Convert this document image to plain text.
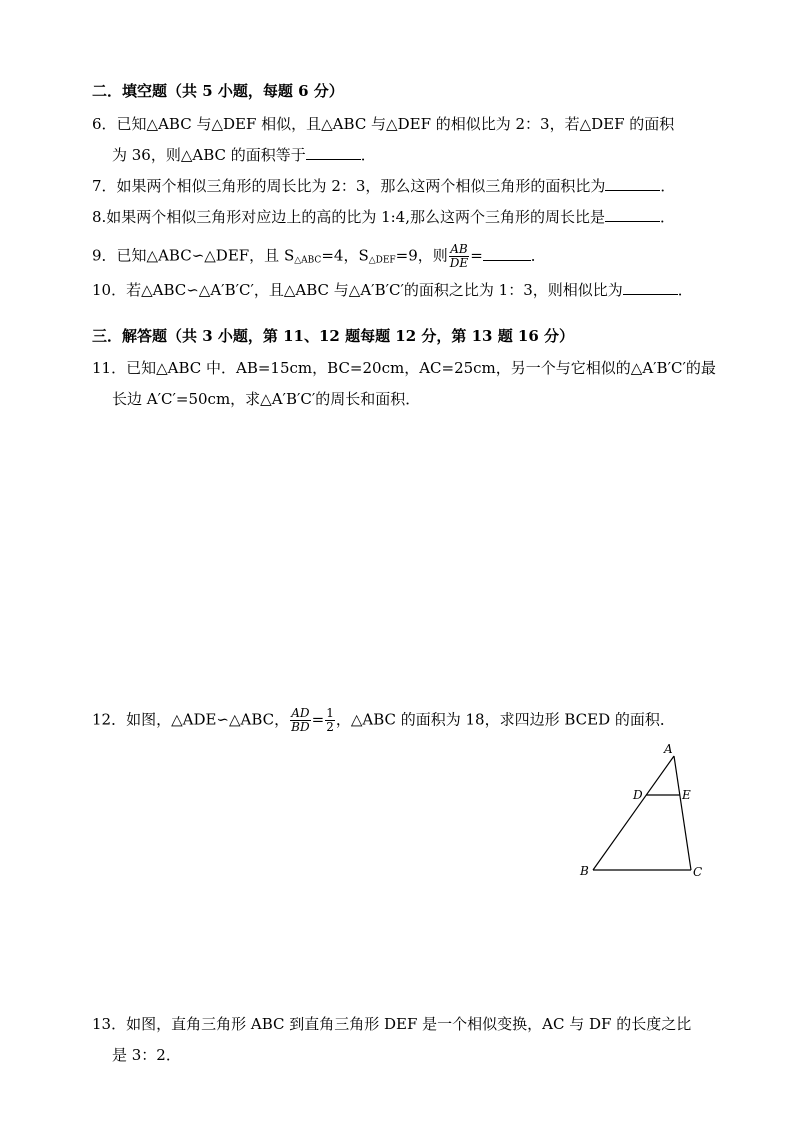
二．填空题（共 5 小题，每题 6 分）
6．已知△ABC 与△DEF 相似，且△ABC 与△DEF 的相似比为 2：3，若△DEF 的面积
为 36，则△ABC 的面积等于	．
7．如果两个相似三角形的周长比为 2：3，那么这两个相似三角形的面积比为	．
8.如果两个相似三角形对应边上的高的比为 1:4,那么这两个三角形的周长比是	．
9．已知△ABC∽△DEF，且 $S_{\triangle ABC}=4$，$S_{\triangle DEF}=9$，则 $\frac{AB}{DE}$ =	．
10．若△ABC∽△A′B′C′，且△ABC 与△A′B′C′的面积之比为 1：3，则相似比为	．
三．解答题（共 3 小题，第 11、12 题每题 12 分，第 13 题 16 分）
11．已知△ABC 中．AB=15cm，BC=20cm，AC=25cm，另一个与它相似的△A′B′C′的最
长边 A′C′=50cm，求△A′B′C′的周长和面积．
12．如图，△ADE∽△ABC， $\frac{AD}{BD} = \frac{1}{2}$ ，△ABC 的面积为 18，求四边形 BCED 的面积．
A
D	E
B	C
13．如图，直角三角形 ABC 到直角三角形 DEF 是一个相似变换，AC 与 DF 的长度之比
是 3：2．
